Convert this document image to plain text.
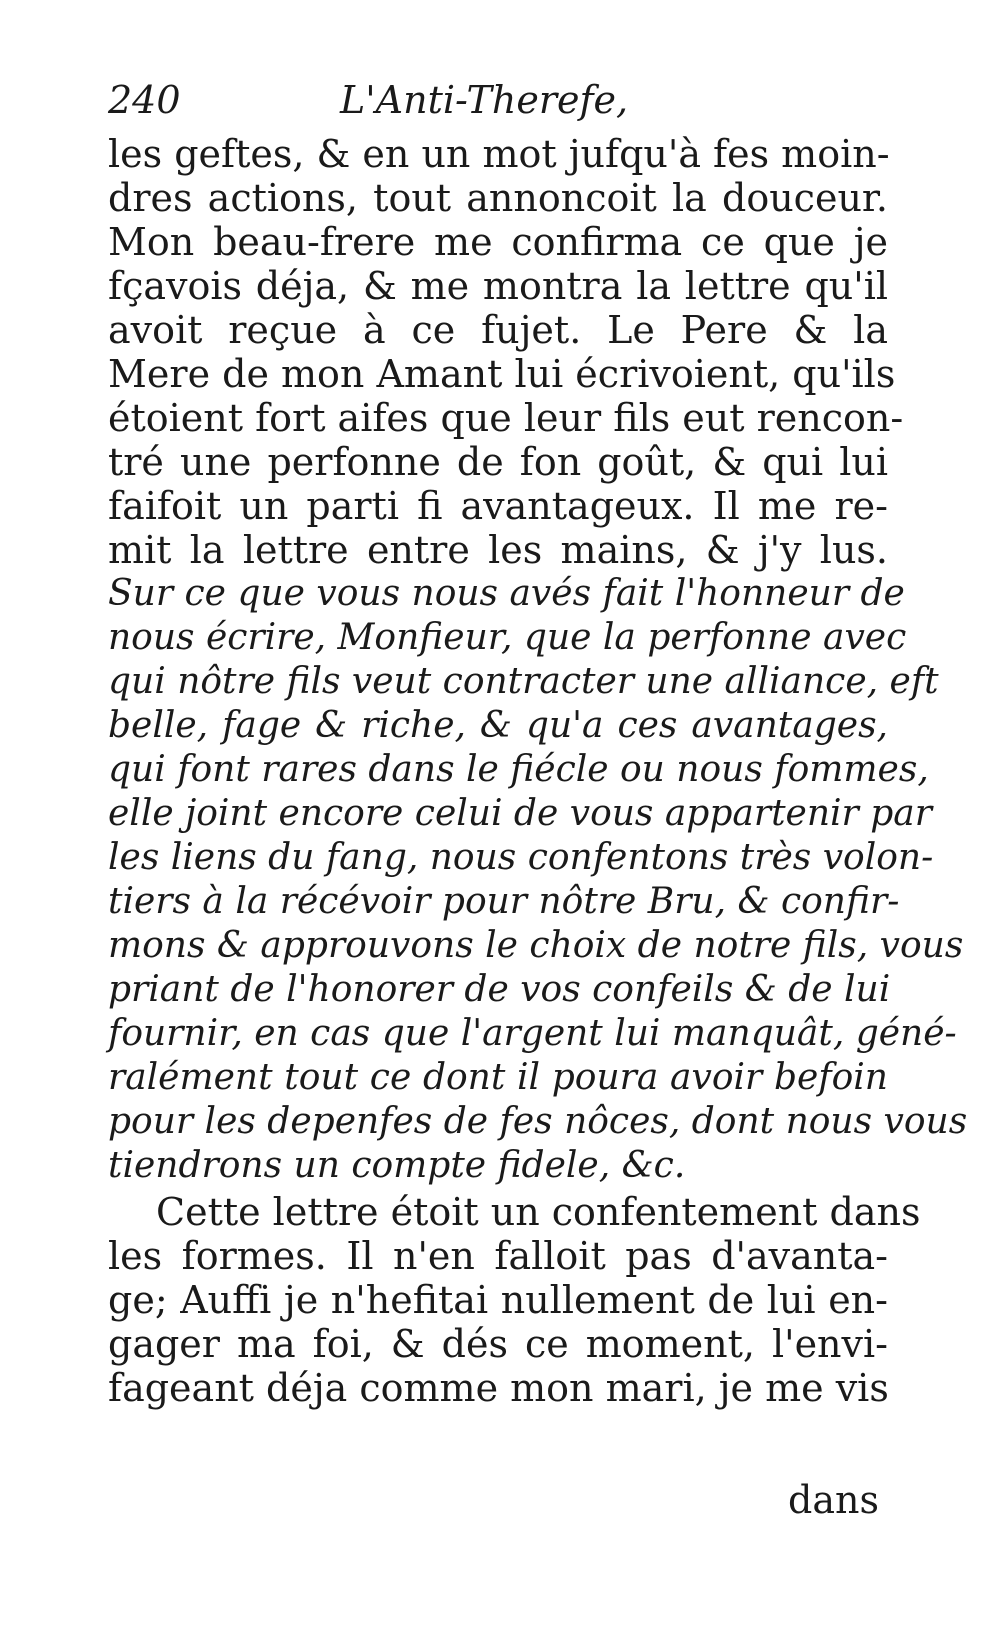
240	L'Anti-Therefe,
les geftes, & en un mot jufqu'à fes moin-
dres actions, tout annoncoit la douceur.
Mon beau-frere me confirma ce que je
fçavois déja, & me montra la lettre qu'il
avoit reçue à ce fujet. Le Pere & la
Mere de mon Amant lui écrivoient, qu'ils
étoient fort aifes que leur fils eut rencon-
tré une perfonne de fon goût, & qui lui
faifoit un parti fi avantageux. Il me re-
mit la lettre entre les mains, & j'y lus.
Sur ce que vous nous avés fait l'honneur de
nous écrire, Monfieur, que la perfonne avec
qui nôtre fils veut contracter une alliance, eft
belle, fage & riche, & qu'a ces avantages,
qui font rares dans le fiécle ou nous fommes,
elle joint encore celui de vous appartenir par
les liens du fang, nous confentons très volon-
tiers à la récévoir pour nôtre Bru, & confir-
mons & approuvons le choix de notre fils, vous
priant de l'honorer de vos confeils & de lui
fournir, en cas que l'argent lui manquât, géné-
ralément tout ce dont il poura avoir befoin
pour les depenfes de fes nôces, dont nous vous
tiendrons un compte fidele, &c.
Cette lettre étoit un confentement dans
les formes. Il n'en falloit pas d'avanta-
ge; Auffi je n'hefitai nullement de lui en-
gager ma foi, & dés ce moment, l'envi-
fageant déja comme mon mari, je me vis
dans
